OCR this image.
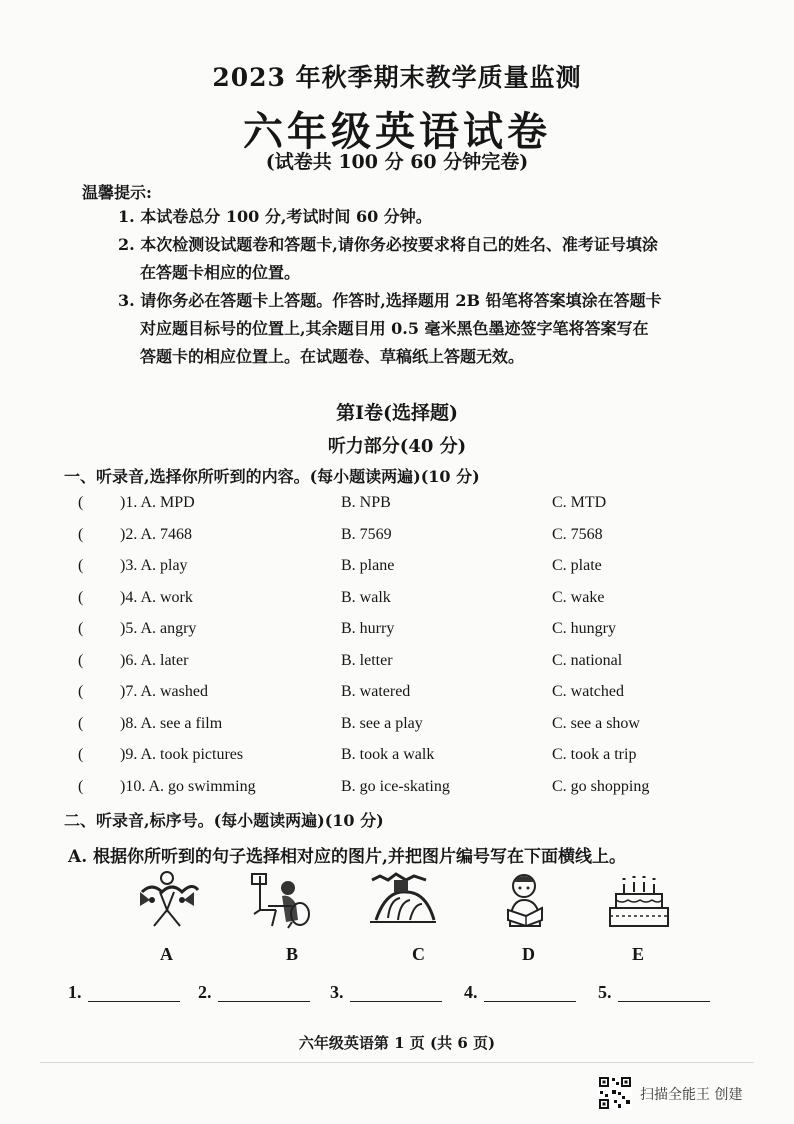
2023 年秋季期末教学质量监测
六年级英语试卷
(试卷共 100 分 60 分钟完卷)
温馨提示:
1. 本试卷总分 100 分,考试时间 60 分钟。
2. 本次检测设试题卷和答题卡,请你务必按要求将自己的姓名、准考证号填涂
在答题卡相应的位置。
3. 请你务必在答题卡上答题。作答时,选择题用 2B 铅笔将答案填涂在答题卡
对应题目标号的位置上,其余题目用 0.5 毫米黑色墨迹签字笔将答案写在
答题卡的相应位置上。在试题卷、草稿纸上答题无效。
第Ⅰ卷(选择题)
听力部分(40 分)
一、听录音,选择你所听到的内容。(每小题读两遍)(10 分)
( )1. A. MPD	B. NPB	C. MTD
( )2. A. 7468	B. 7569	C. 7568
( )3. A. play	B. plane	C. plate
( )4. A. work	B. walk	C. wake
( )5. A. angry	B. hurry	C. hungry
( )6. A. later	B. letter	C. national
( )7. A. washed	B. watered	C. watched
( )8. A. see a film	B. see a play	C. see a show
( )9. A. took pictures	B. took a walk	C. took a trip
( )10. A. go swimming	B. go ice-skating	C. go shopping
二、听录音,标序号。(每小题读两遍)(10 分)
A. 根据你所听到的句子选择相对应的图片,并把图片编号写在下面横线上。
A	B	C	D	E
1.	2.	3.	4.	5.
六年级英语第 1 页 (共 6 页)
扫描全能王 创建
